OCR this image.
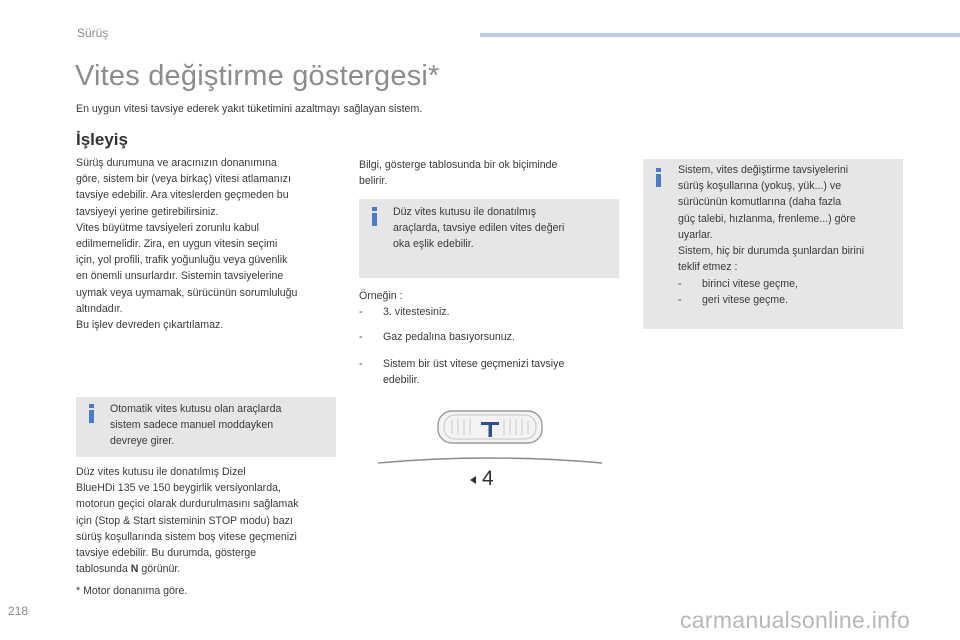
Sürüş
Vites değiştirme göstergesi*
En uygun vitesi tavsiye ederek yakıt tüketimini azaltmayı sağlayan sistem.
İşleyiş
Sürüş durumuna ve aracınızın donanımına
göre, sistem bir (veya birkaç) vitesi atlamanızı
tavsiye edebilir. Ara viteslerden geçmeden bu
tavsiyeyi yerine getirebilirsiniz.
Vites büyütme tavsiyeleri zorunlu kabul
edilmemelidir. Zira, en uygun vitesin seçimi
için, yol profili, trafik yoğunluğu veya güvenlik
en önemli unsurlardır. Sistemin tavsiyelerine
uymak veya uymamak, sürücünün sorumluluğu
altındadır.
Bu işlev devreden çıkartılamaz.
Otomatik vites kutusu olan araçlarda
sistem sadece manuel moddayken
devreye girer.
Düz vites kutusu ile donatılmış Dizel
BlueHDi 135 ve 150 beygirlik versiyonlarda,
motorun geçici olarak durdurulmasını sağlamak
için (Stop & Start sisteminin STOP modu) bazı
sürüş koşullarında sistem boş vitese geçmenizi
tavsiye edebilir. Bu durumda, gösterge
tablosunda N görünür.
* Motor donanıma göre.
Bilgi, gösterge tablosunda bir ok biçiminde
belirir.
Düz vites kutusu ile donatılmış
araçlarda, tavsiye edilen vites değeri
oka eşlik edebilir.
Örneğin :
- 3. vitestesiniz.
- Gaz pedalına basıyorsunuz.
- Sistem bir üst vitese geçmenizi tavsiye
edebilir.
4
Sistem, vites değiştirme tavsiyelerini
sürüş koşullarına (yokuş, yük...) ve
sürücünün komutlarına (daha fazla
güç talebi, hızlanma, frenleme...) göre
uyarlar.
Sistem, hiç bir durumda şunlardan birini
teklif etmez :
- birinci vitese geçme,
- geri vitese geçme.
218	carmanualsonline.info
